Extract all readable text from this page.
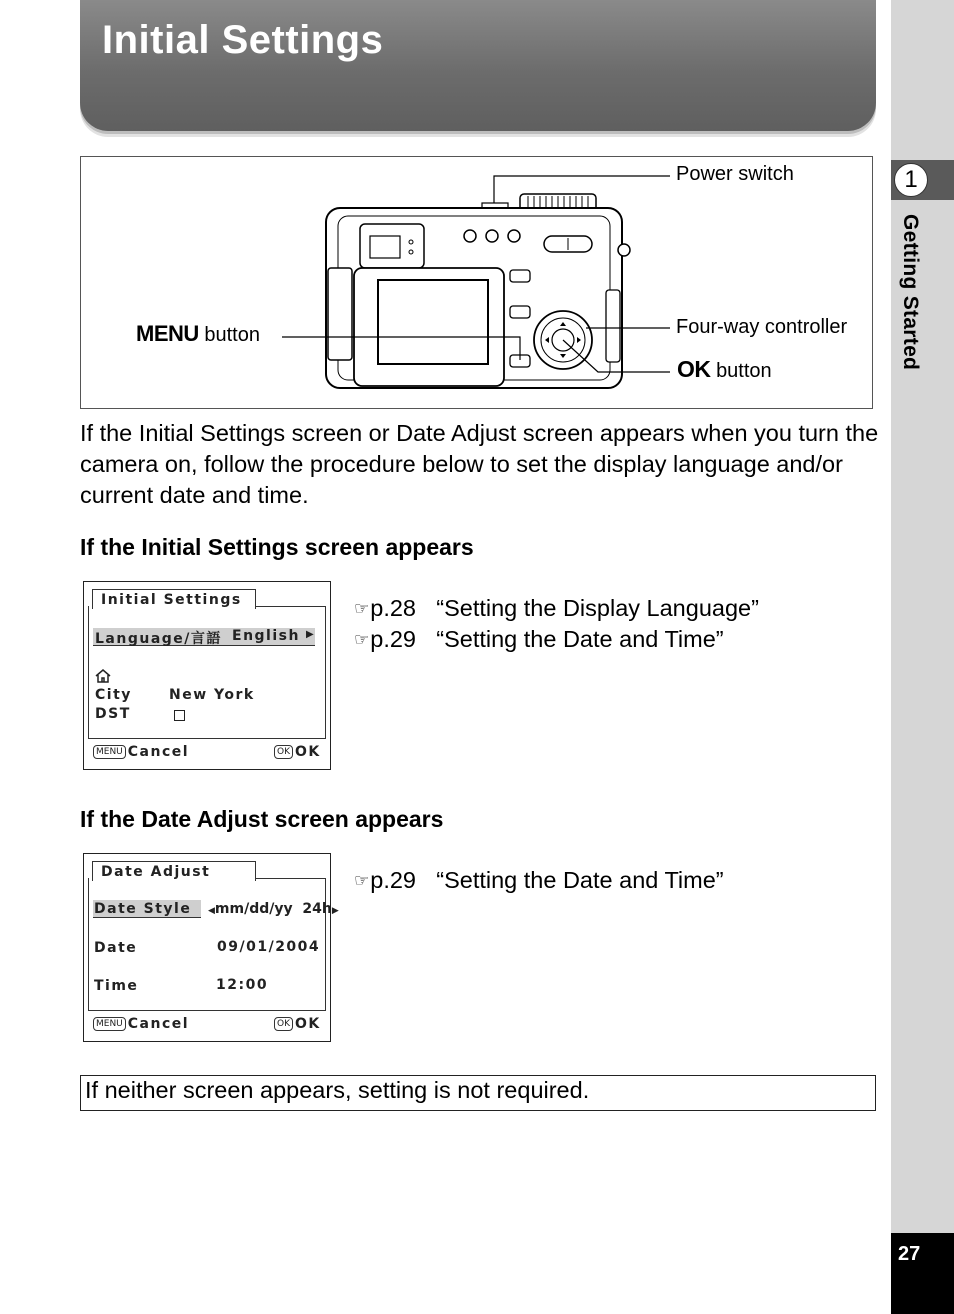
Initial Settings
1
Getting Started
27
Power switch
Four-way controller
MENU button
OK button

If the Initial Settings screen or Date Adjust screen appears when you turn the camera on, follow the procedure below to set the display language and/or current date and time.

If the Initial Settings screen appears
Initial Settings
Language/言語 English ▶
City	New York
DST
MENU Cancel	OK OK
☞p.28 “Setting the Display Language”
☞p.29 “Setting the Date and Time”
If the Date Adjust screen appears
Date Adjust
Date Style ◀mm/dd/yy 24h▶
Date	09/01/2004
Time	12:00
MENU Cancel	OK OK
☞p.29 “Setting the Date and Time”
If neither screen appears, setting is not required.
